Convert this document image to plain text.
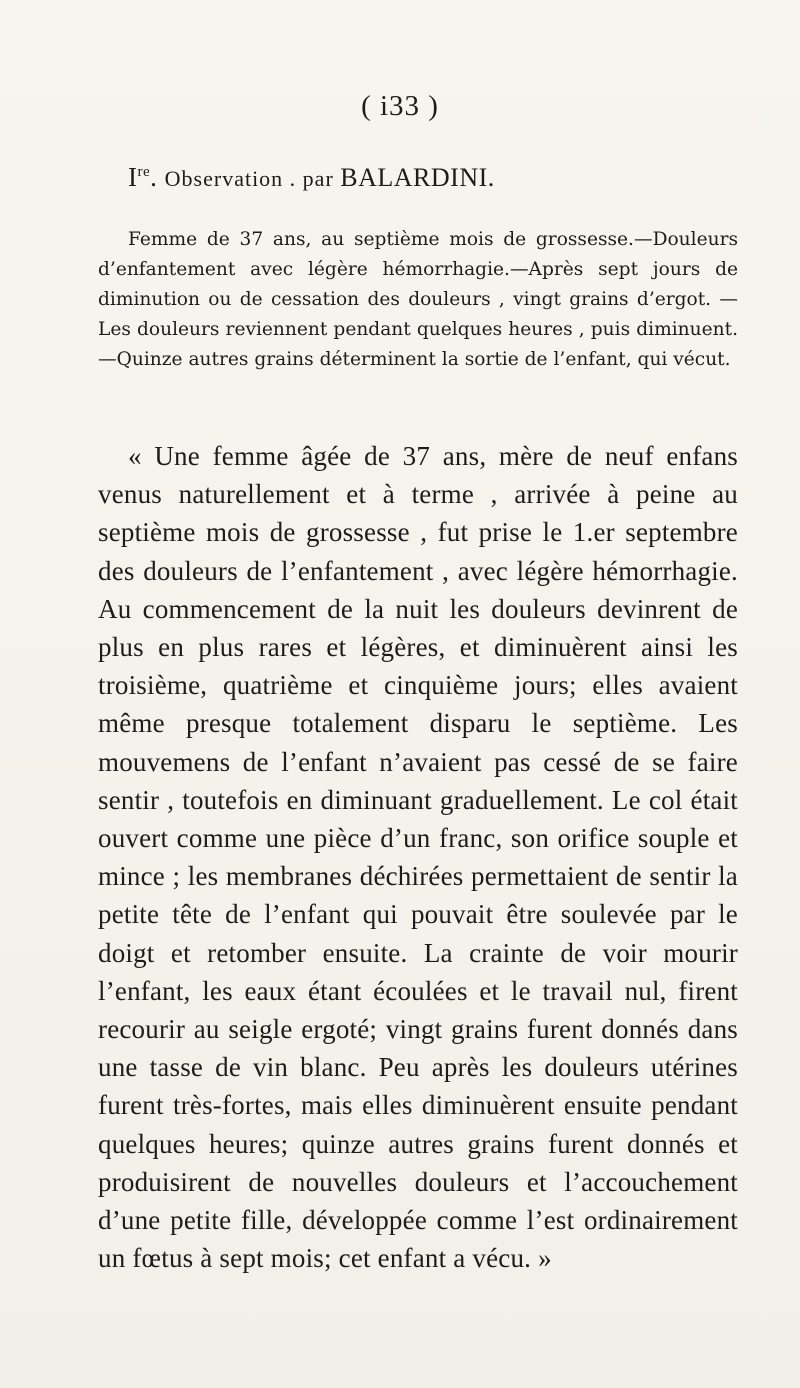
( i33 )
Ire. Observation . par BALARDINI.

Femme de 37 ans, au septième mois de grossesse.—Douleurs d’enfantement avec légère hémorrhagie.—Après sept jours de diminution ou de cessation des douleurs , vingt grains d’ergot. — Les douleurs reviennent pendant quelques heures , puis diminuent.—Quinze autres grains déterminent la sortie de l’enfant, qui vécut.

« Une femme âgée de 37 ans, mère de neuf enfans venus naturellement et à terme , arrivée à peine au septième mois de grossesse , fut prise le 1.er septembre des douleurs de l’enfantement , avec légère hémorrhagie. Au commencement de la nuit les douleurs devinrent de plus en plus rares et légères, et diminuèrent ainsi les troisième, quatrième et cinquième jours; elles avaient même presque totalement disparu le septième. Les mouvemens de l’enfant n’avaient pas cessé de se faire sentir , toutefois en diminuant graduellement. Le col était ouvert comme une pièce d’un franc, son orifice souple et mince ; les membranes déchirées permettaient de sentir la petite tête de l’enfant qui pouvait être soulevée par le doigt et retomber ensuite. La crainte de voir mourir l’enfant, les eaux étant écoulées et le travail nul, firent recourir au seigle ergoté; vingt grains furent donnés dans une tasse de vin blanc. Peu après les douleurs utérines furent très-fortes, mais elles diminuèrent ensuite pendant quelques heures; quinze autres grains furent donnés et produisirent de nouvelles douleurs et l’accouchement d’une petite fille, développée comme l’est ordinairement un fœtus à sept mois; cet enfant a vécu. »
